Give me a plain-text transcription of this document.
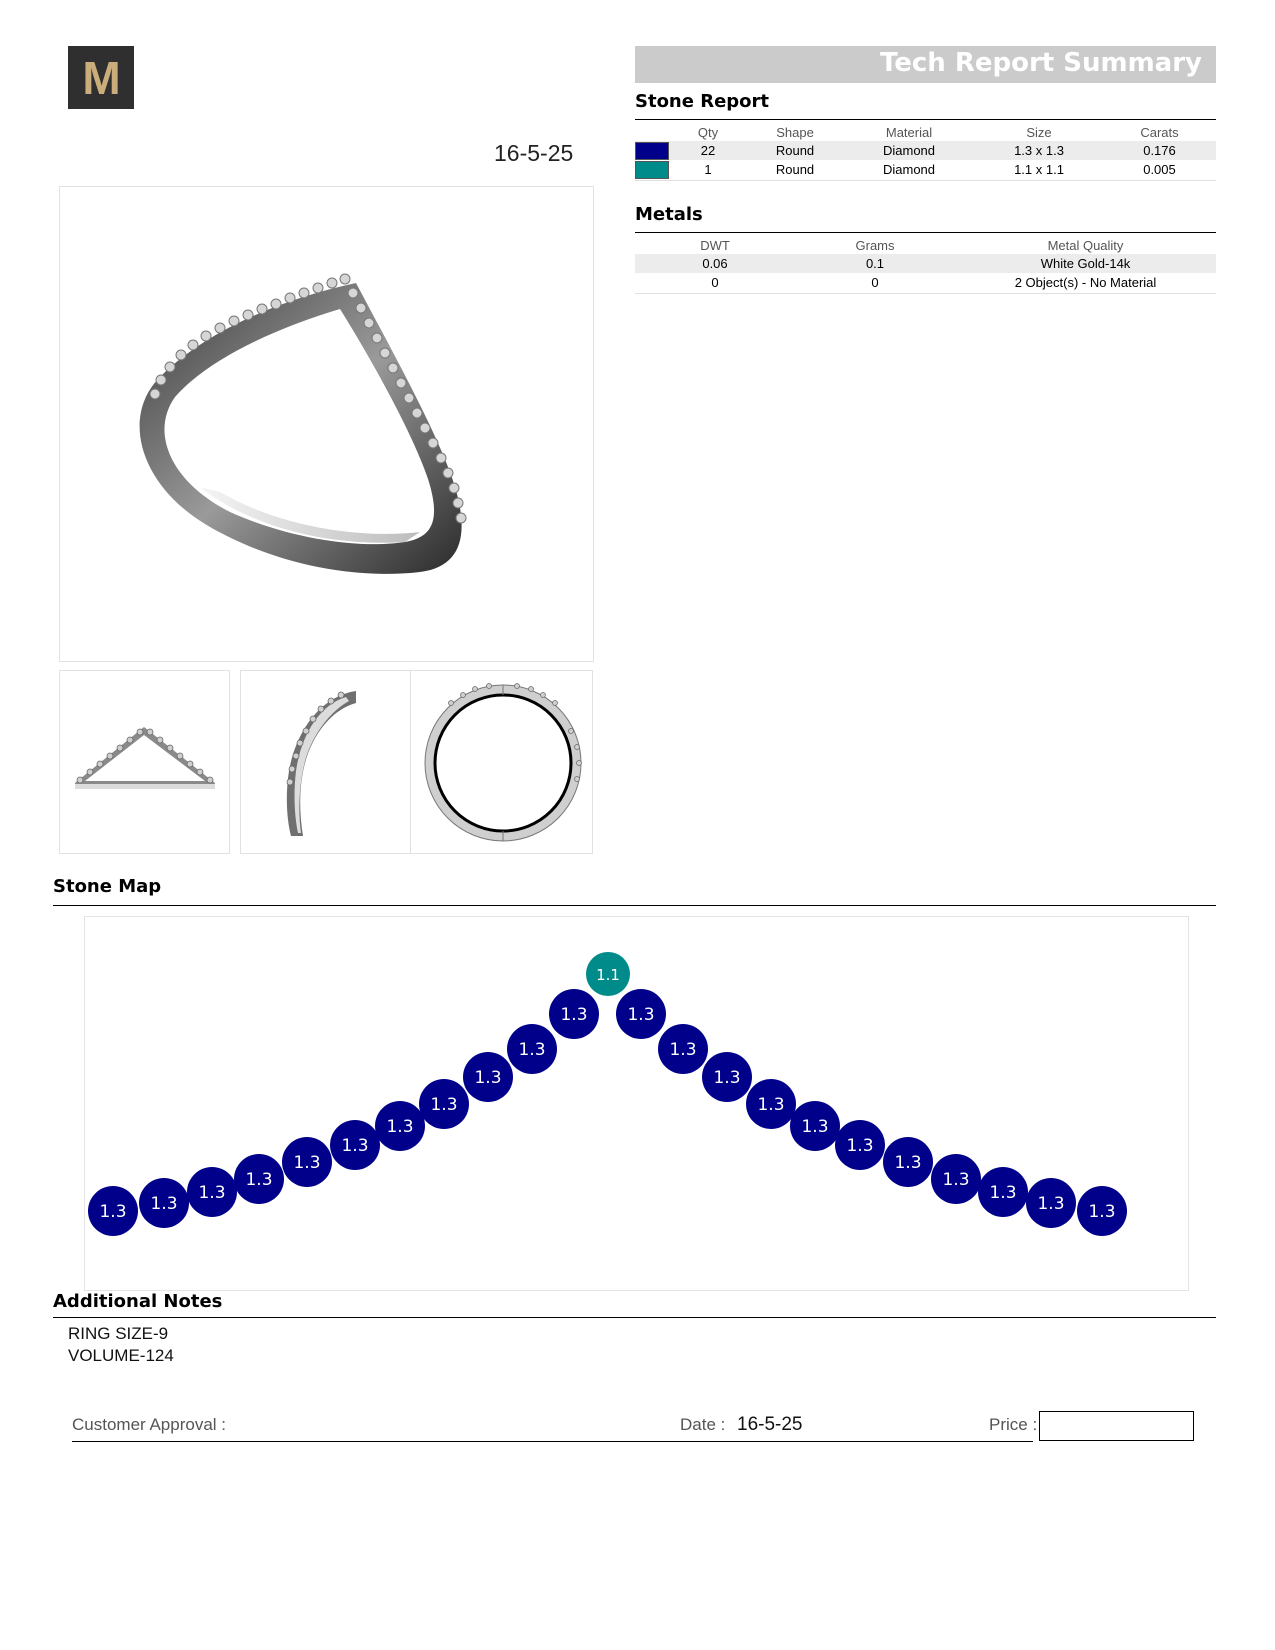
M
16-5-25
Tech Report Summary
Stone Report
	Qty	Shape	Material	Size	Carats
	22	Round	Diamond	1.3 x 1.3	0.176
	1	Round	Diamond	1.1 x 1.1	0.005
Metals
DWT	Grams	Metal Quality
0.06	0.1	White Gold-14k
0	0	2 Object(s) - No Material
Stone Map
1.1
1.3
1.3
1.3
1.3
1.3
1.3
1.3
1.3
1.3
1.3
1.3
1.3
1.3
1.3
1.3
1.3
1.3
1.3
1.3
1.3
1.3 1.3
Additional Notes
RING SIZE-9
VOLUME-124
Customer Approval :	Date : 16-5-25	Price :
